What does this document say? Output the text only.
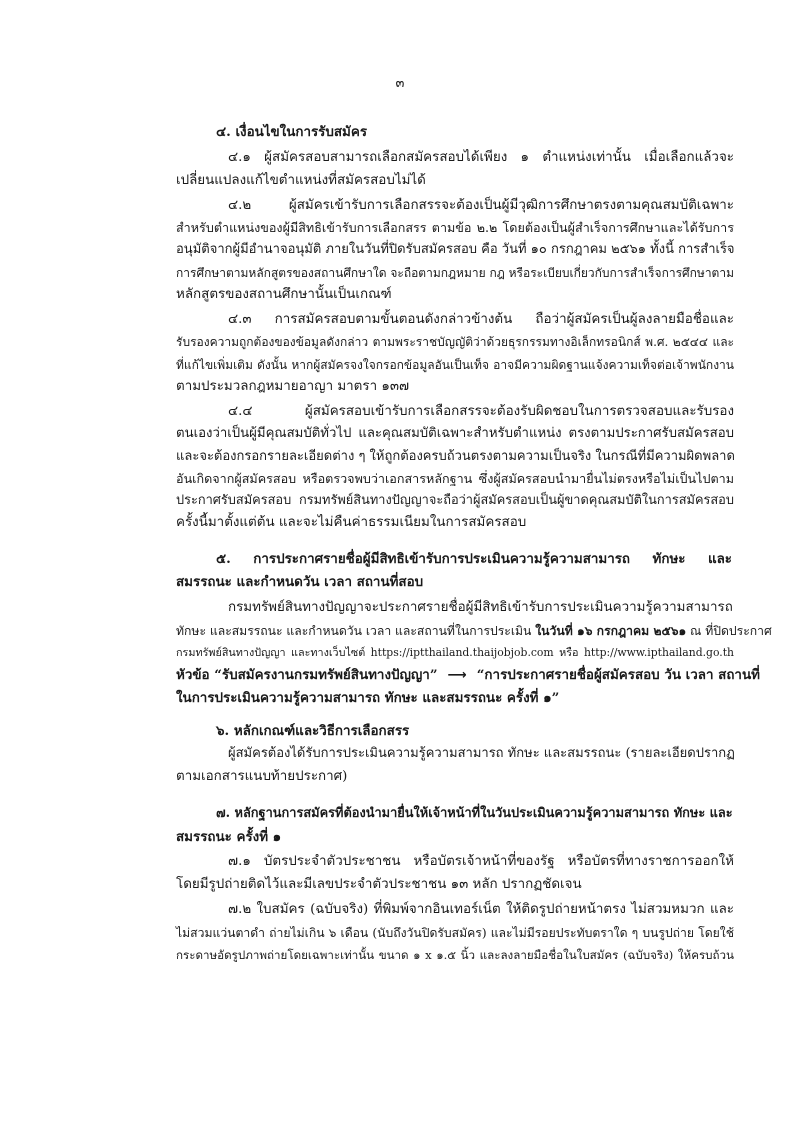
๓
๔. เงื่อนไขในการรับสมัคร
๔.๑ ผู้สมัครสอบสามารถเลือกสมัครสอบได้เพียง ๑ ตำแหน่งเท่านั้น เมื่อเลือกแล้วจะ
เปลี่ยนแปลงแก้ไขตำแหน่งที่สมัครสอบไม่ได้
๔.๒ ผู้สมัครเข้ารับการเลือกสรรจะต้องเป็นผู้มีวุฒิการศึกษาตรงตามคุณสมบัติเฉพาะ
สำหรับตำแหน่งของผู้มีสิทธิเข้ารับการเลือกสรร ตามข้อ ๒.๒ โดยต้องเป็นผู้สำเร็จการศึกษาและได้รับการ
อนุมัติจากผู้มีอำนาจอนุมัติ ภายในวันที่ปิดรับสมัครสอบ คือ วันที่ ๑๐ กรกฎาคม ๒๕๖๑ ทั้งนี้ การสำเร็จ
การศึกษาตามหลักสูตรของสถานศึกษาใด จะถือตามกฎหมาย กฎ หรือระเบียบเกี่ยวกับการสำเร็จการศึกษาตาม
หลักสูตรของสถานศึกษานั้นเป็นเกณฑ์
๔.๓ การสมัครสอบตามขั้นตอนดังกล่าวข้างต้น ถือว่าผู้สมัครเป็นผู้ลงลายมือชื่อและ
รับรองความถูกต้องของข้อมูลดังกล่าว ตามพระราชบัญญัติว่าด้วยธุรกรรมทางอิเล็กทรอนิกส์ พ.ศ. ๒๕๔๔ และ
ที่แก้ไขเพิ่มเติม ดังนั้น หากผู้สมัครจงใจกรอกข้อมูลอันเป็นเท็จ อาจมีความผิดฐานแจ้งความเท็จต่อเจ้าพนักงาน
ตามประมวลกฎหมายอาญา มาตรา ๑๓๗
๔.๔ ผู้สมัครสอบเข้ารับการเลือกสรรจะต้องรับผิดชอบในการตรวจสอบและรับรอง
ตนเองว่าเป็นผู้มีคุณสมบัติทั่วไป และคุณสมบัติเฉพาะสำหรับตำแหน่ง ตรงตามประกาศรับสมัครสอบ
และจะต้องกรอกรายละเอียดต่าง ๆ ให้ถูกต้องครบถ้วนตรงตามความเป็นจริง ในกรณีที่มีความผิดพลาด
อันเกิดจากผู้สมัครสอบ หรือตรวจพบว่าเอกสารหลักฐาน ซึ่งผู้สมัครสอบนำมายื่นไม่ตรงหรือไม่เป็นไปตาม
ประกาศรับสมัครสอบ กรมทรัพย์สินทางปัญญาจะถือว่าผู้สมัครสอบเป็นผู้ขาดคุณสมบัติในการสมัครสอบ
ครั้งนี้มาตั้งแต่ต้น และจะไม่คืนค่าธรรมเนียมในการสมัครสอบ
๕. การประกาศรายชื่อผู้มีสิทธิเข้ารับการประเมินความรู้ความสามารถ ทักษะ และ
สมรรถนะ และกำหนดวัน เวลา สถานที่สอบ
กรมทรัพย์สินทางปัญญาจะประกาศรายชื่อผู้มีสิทธิเข้ารับการประเมินความรู้ความสามารถ
ทักษะ และสมรรถนะ และกำหนดวัน เวลา และสถานที่ในการประเมิน ในวันที่ ๑๖ กรกฎาคม ๒๕๖๑ ณ ที่ปิดประกาศ
กรมทรัพย์สินทางปัญญา และทางเว็บไซต์ https://iptthailand.thaijobjob.com หรือ http://www.ipthailand.go.th
หัวข้อ “รับสมัครงานกรมทรัพย์สินทางปัญญา” ⟶ “การประกาศรายชื่อผู้สมัครสอบ วัน เวลา สถานที่
ในการประเมินความรู้ความสามารถ ทักษะ และสมรรถนะ ครั้งที่ ๑”
๖. หลักเกณฑ์และวิธีการเลือกสรร
ผู้สมัครต้องได้รับการประเมินความรู้ความสามารถ ทักษะ และสมรรถนะ (รายละเอียดปรากฏ
ตามเอกสารแนบท้ายประกาศ)
๗. หลักฐานการสมัครที่ต้องนำมายื่นให้เจ้าหน้าที่ในวันประเมินความรู้ความสามารถ ทักษะ และ
สมรรถนะ ครั้งที่ ๑
๗.๑ บัตรประจำตัวประชาชน หรือบัตรเจ้าหน้าที่ของรัฐ หรือบัตรที่ทางราชการออกให้
โดยมีรูปถ่ายติดไว้และมีเลขประจำตัวประชาชน ๑๓ หลัก ปรากฏชัดเจน
๗.๒ ใบสมัคร (ฉบับจริง) ที่พิมพ์จากอินเทอร์เน็ต ให้ติดรูปถ่ายหน้าตรง ไม่สวมหมวก และ
ไม่สวมแว่นตาดำ ถ่ายไม่เกิน ๖ เดือน (นับถึงวันปิดรับสมัคร) และไม่มีรอยประทับตราใด ๆ บนรูปถ่าย โดยใช้
กระดาษอัดรูปภาพถ่ายโดยเฉพาะเท่านั้น ขนาด ๑ x ๑.๕ นิ้ว และลงลายมือชื่อในใบสมัคร (ฉบับจริง) ให้ครบถ้วน
